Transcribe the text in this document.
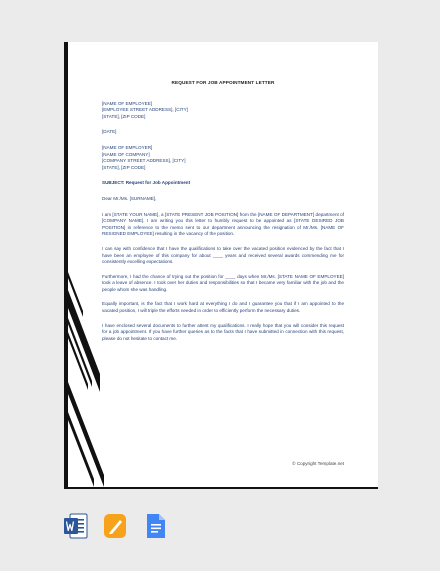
REQUEST FOR JOB APPOINTMENT LETTER
[NAME OF EMPLOYEE]
[EMPLOYEE STREET ADDRESS], [CITY]
[STATE], [ZIP CODE]
[DATE]
[NAME OF EMPLOYER]
[NAME OF COMPANY]
[COMPANY STREET ADDRESS], [CITY]
[STATE], [ZIP CODE]
SUBJECT: Request for Job Appointment
Dear Mr./Ms. [SURNAME],

I am [STATE YOUR NAME], a [STATE PRESENT JOB POSITION] from the [NAME OF DEPARTMENT] department of [COMPANY NAME]. I am writing you this letter to humbly request to be appointed as [STATE DESIRED JOB POSITION] in reference to the memo sent to our department announcing the resignation of Mr./Ms. [NAME OF RESIGNED EMPLOYEE] resulting in the vacancy of the position.

I can say with confidence that I have the qualifications to take over the vacated position evidenced by the fact that I have been an employee of this company for about ____ years and received several awards commending me for consistently excelling expectations.

Furthermore, I had the chance of trying out the position for ____ days when Mr./Ms. [STATE NAME OF EMPLOYEE] took a leave of absence. I took over her duties and responsibilities so that I became very familiar with the job and the people whom she was handling.

Equally important, is the fact that I work hard at everything I do and I guarantee you that if I am appointed to the vacated position, I will triple the efforts needed in order to efficiently perform the necessary duties.

I have enclosed several documents to further attest my qualifications. I really hope that you will consider this request for a job appointment. If you have further queries as to the facts that I have submitted in connection with this request, please do not hesitate to contact me.

© Copyright Template.net
